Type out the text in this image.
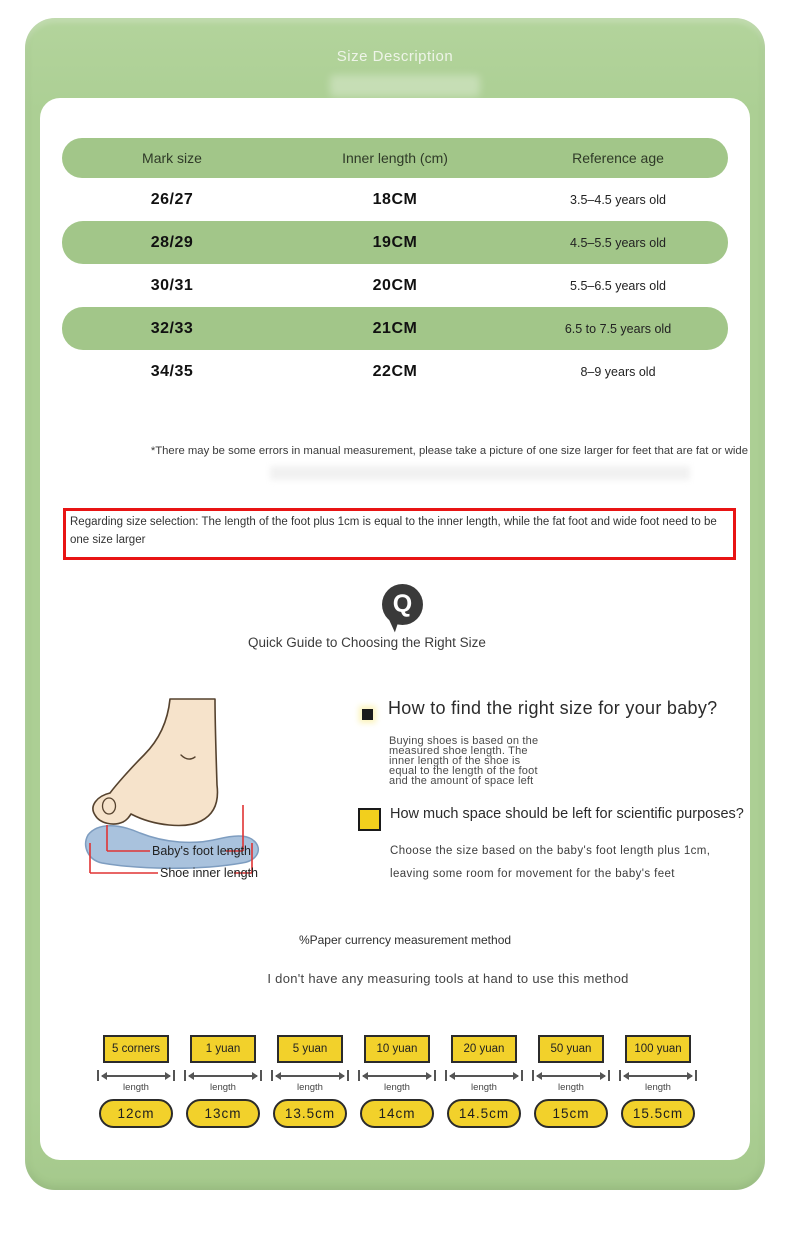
Size Description
Mark size	Inner length (cm)	Reference age
26/27	18CM	3.5–4.5 years old
28/29	19CM	4.5–5.5 years old
30/31	20CM	5.5–6.5 years old
32/33	21CM	6.5 to 7.5 years old
34/35	22CM	8–9 years old
*There may be some errors in manual measurement, please take a picture of one size larger for feet that are fat or wide
Regarding size selection: The length of the foot plus 1cm is equal to the inner length, while the fat foot and wide foot need to be one size larger
Q
Quick Guide to Choosing the Right Size
Baby's foot length
Shoe inner length
How to find the right size for your baby?
Buying shoes is based on the measured shoe length. The inner length of the shoe is equal to the length of the foot and the amount of space left
How much space should be left for scientific purposes?
Choose the size based on the baby's foot length plus 1cm,
leaving some room for movement for the baby's feet
%Paper currency measurement method
I don't have any measuring tools at hand to use this method
5 corners
length
12cm
1 yuan
length
13cm
5 yuan
length
13.5cm
10 yuan
length
14cm
20 yuan
length
14.5cm
50 yuan
length
15cm
100 yuan
length
15.5cm
